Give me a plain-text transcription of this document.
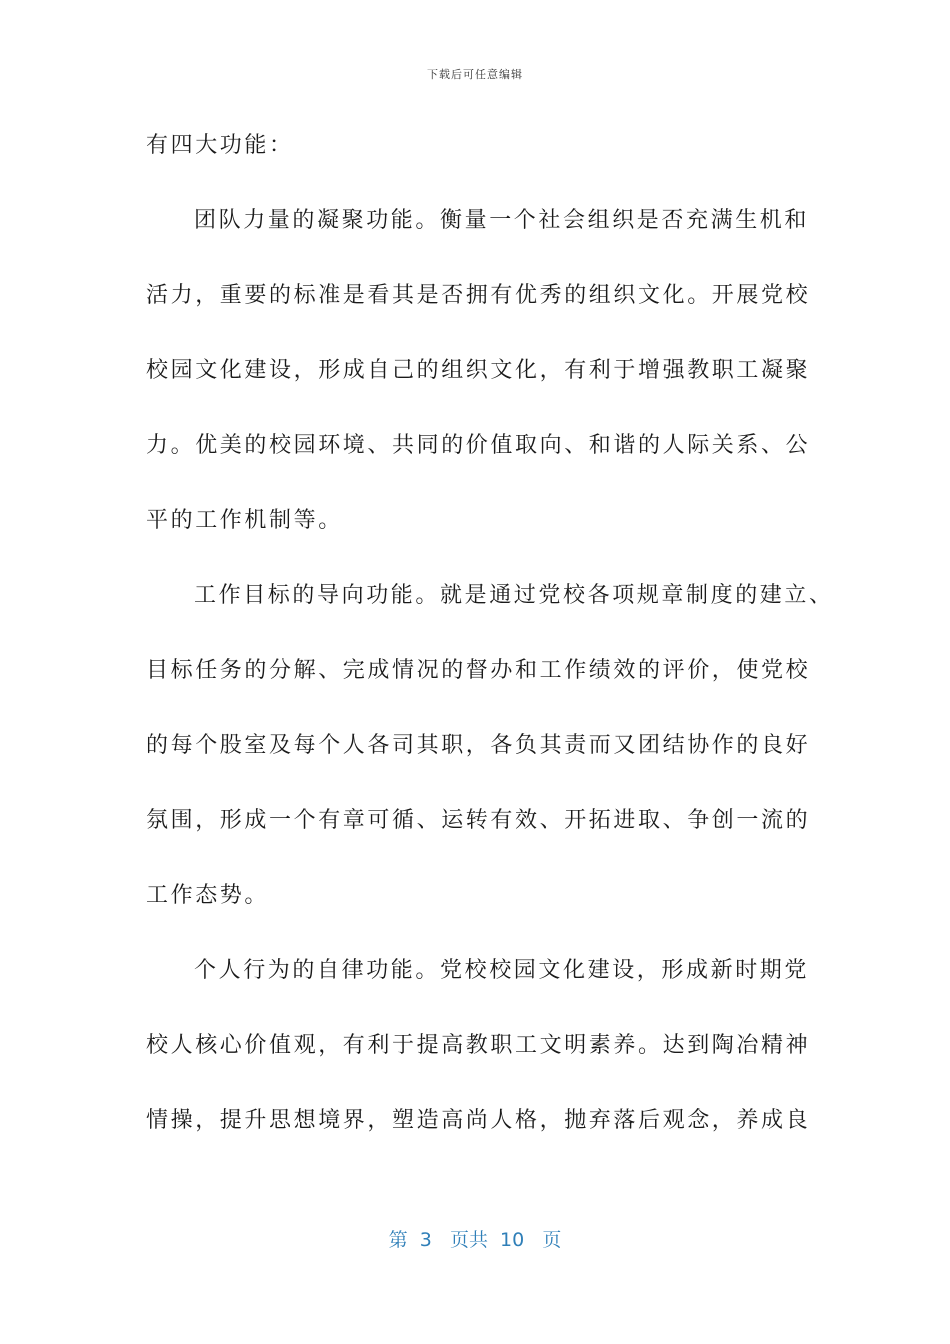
下载后可任意编辑
有四大功能：
团队力量的凝聚功能。衡量一个社会组织是否充满生机和
活力，重要的标准是看其是否拥有优秀的组织文化。开展党校
校园文化建设，形成自己的组织文化，有利于增强教职工凝聚
力。优美的校园环境、共同的价值取向、和谐的人际关系、公
平的工作机制等。
工作目标的导向功能。就是通过党校各项规章制度的建立、
目标任务的分解、完成情况的督办和工作绩效的评价，使党校
的每个股室及每个人各司其职，各负其责而又团结协作的良好
氛围，形成一个有章可循、运转有效、开拓进取、争创一流的
工作态势。
个人行为的自律功能。党校校园文化建设，形成新时期党
校人核心价值观，有利于提高教职工文明素养。达到陶冶精神
情操，提升思想境界，塑造高尚人格，抛弃落后观念，养成良
第 3 页共 10 页
